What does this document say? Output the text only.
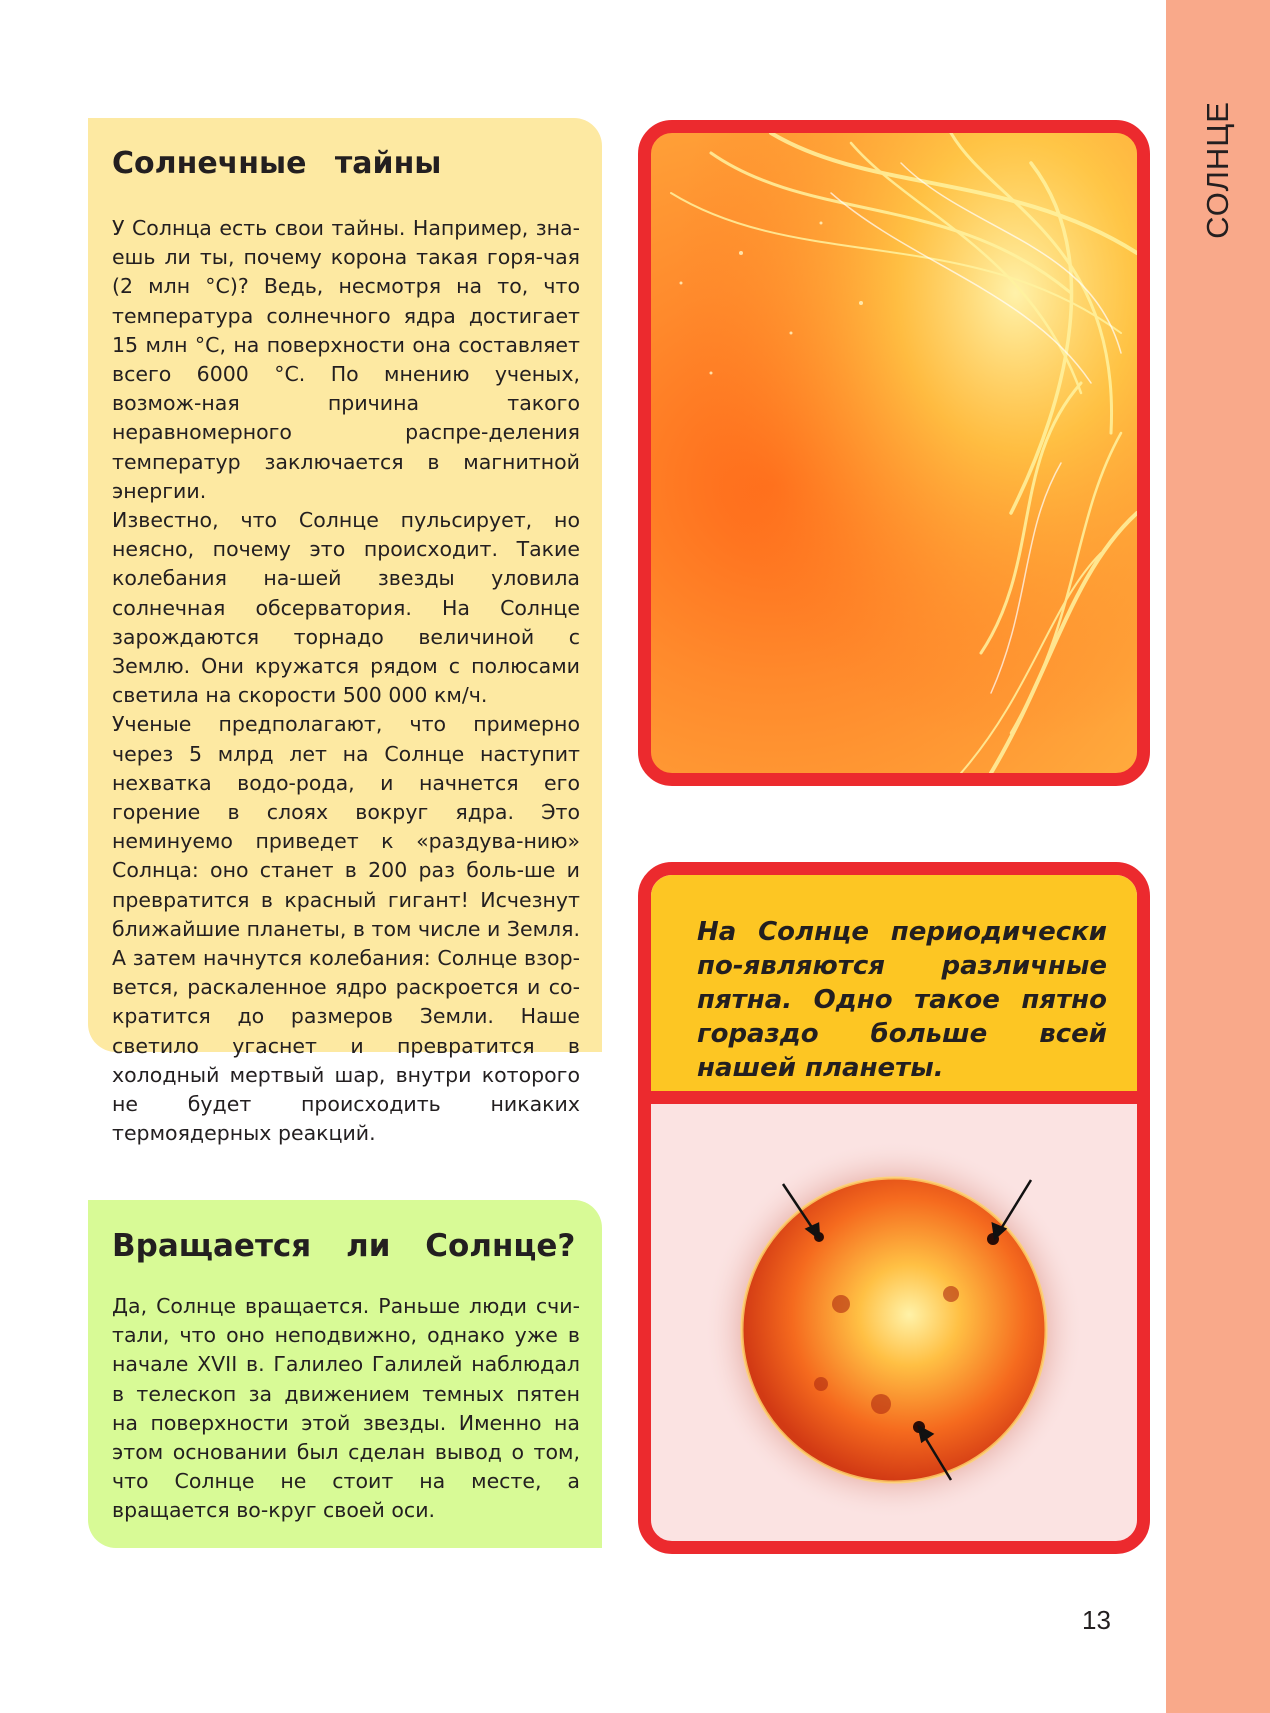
СОЛНЦЕ
Солнечные тайны

У Солнца есть свои тайны. Например, зна-ешь ли ты, почему корона такая горя-чая (2 млн °С)? Ведь, несмотря на то, что температура солнечного ядра достигает 15 млн °С, на поверхности она составляет всего 6000 °С. По мнению ученых, возмож-ная причина такого неравномерного распре-деления температур заключается в магнитной энергии.

Известно, что Солнце пульсирует, но неясно, почему это происходит. Такие колебания на-шей звезды уловила солнечная обсерватория. На Солнце зарождаются торнадо величиной с Землю. Они кружатся рядом с полюсами светила на скорости 500 000 км/ч.

Ученые предполагают, что примерно через 5 млрд лет на Солнце наступит нехватка водо-рода, и начнется его горение в слоях вокруг ядра. Это неминуемо приведет к «раздува-нию» Солнца: оно станет в 200 раз боль-ше и превратится в красный гигант! Исчезнут ближайшие планеты, в том числе и Земля. А затем начнутся колебания: Солнце взор-вется, раскаленное ядро раскроется и со-кратится до размеров Земли. Наше светило угаснет и превратится в холодный мертвый шар, внутри которого не будет происходить никаких термоядерных реакций.

На Солнце периодически по-являются различные пятна. Одно такое пятно гораздо больше всей нашей планеты.
Вращается ли Солнце?

Да, Солнце вращается. Раньше люди счи-тали, что оно неподвижно, однако уже в начале XVII в. Галилео Галилей наблюдал в телескоп за движением темных пятен на поверхности этой звезды. Именно на этом основании был сделан вывод о том, что Солнце не стоит на месте, а вращается во-круг своей оси.

13
